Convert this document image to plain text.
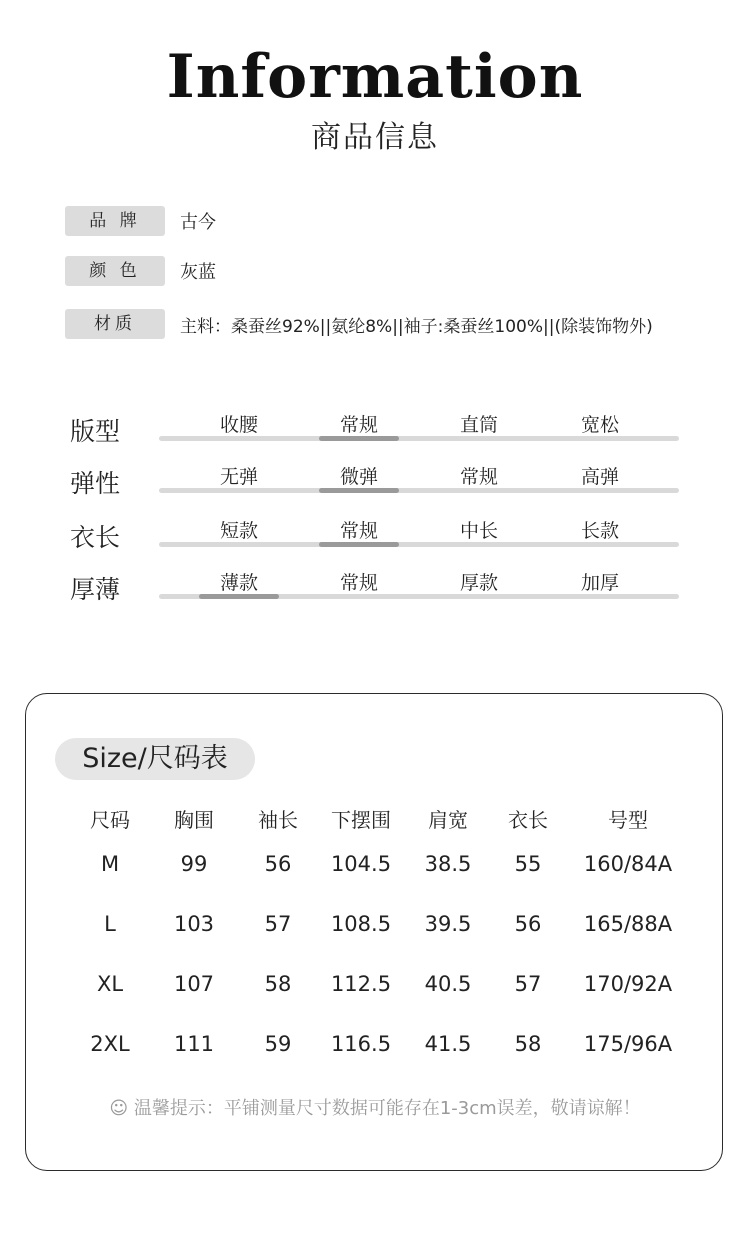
Information
商品信息
品 牌	古今
颜 色	灰蓝
材质	主料：桑蚕丝92%||氨纶8%||袖子:桑蚕丝100%||(除装饰物外)
版型	收腰	常规	直筒	宽松
弹性	无弹	微弹	常规	高弹
衣长	短款	常规	中长	长款
厚薄	薄款	常规	厚款	加厚
Size/尺码表
尺码	胸围	袖长	下摆围	肩宽	衣长	号型
M	99	56	104.5	38.5	55	160/84A
L	103	57	108.5	39.5	56	165/88A
XL	107	58	112.5	40.5	57	170/92A
2XL	111	59	116.5	41.5	58	175/96A
☺ 温馨提示：平铺测量尺寸数据可能存在1-3cm误差，敬请谅解！
